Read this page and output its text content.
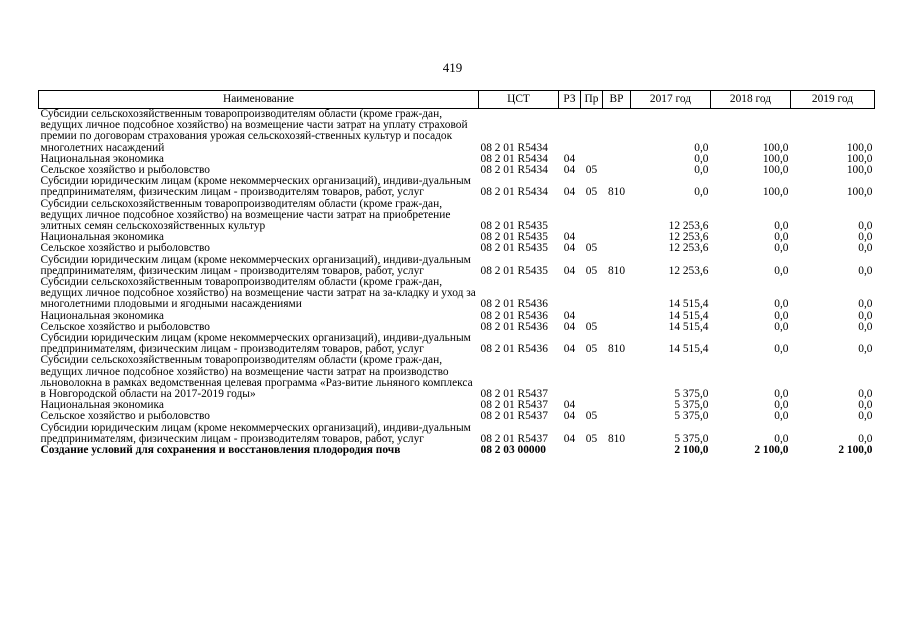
419
Наименование	ЦСТ	РЗ	Пр	ВР	2017 год	2018 год	2019 год
Субсидии сельскохозяйственным товаропроизводителям области (кроме граж-дан, ведущих личное подсобное хозяйство) на возмещение части затрат на уплату страховой премии по договорам страхования урожая сельскохозяй-ственных культур и посадок многолетних насаждений	08 2 01 R5434				0,0	100,0	100,0
Национальная экономика	08 2 01 R5434	04			0,0	100,0	100,0
Сельское хозяйство и рыболовство	08 2 01 R5434	04	05		0,0	100,0	100,0
Субсидии юридическим лицам (кроме некоммерческих организаций), индиви-дуальным предпринимателям, физическим лицам - производителям товаров, работ, услуг	08 2 01 R5434	04	05	810	0,0	100,0	100,0
Субсидии сельскохозяйственным товаропроизводителям области (кроме граж-дан, ведущих личное подсобное хозяйство) на возмещение части затрат на приобретение элитных семян сельскохозяйственных культур	08 2 01 R5435				12 253,6	0,0	0,0
Национальная экономика	08 2 01 R5435	04			12 253,6	0,0	0,0
Сельское хозяйство и рыболовство	08 2 01 R5435	04	05		12 253,6	0,0	0,0
Субсидии юридическим лицам (кроме некоммерческих организаций), индиви-дуальным предпринимателям, физическим лицам - производителям товаров, работ, услуг	08 2 01 R5435	04	05	810	12 253,6	0,0	0,0
Субсидии сельскохозяйственным товаропроизводителям области (кроме граж-дан, ведущих личное подсобное хозяйство) на возмещение части затрат на за-кладку и уход за многолетними плодовыми и ягодными насаждениями	08 2 01 R5436				14 515,4	0,0	0,0
Национальная экономика	08 2 01 R5436	04			14 515,4	0,0	0,0
Сельское хозяйство и рыболовство	08 2 01 R5436	04	05		14 515,4	0,0	0,0
Субсидии юридическим лицам (кроме некоммерческих организаций), индиви-дуальным предпринимателям, физическим лицам - производителям товаров, работ, услуг	08 2 01 R5436	04	05	810	14 515,4	0,0	0,0
Субсидии сельскохозяйственным товаропроизводителям области (кроме граж-дан, ведущих личное подсобное хозяйство) на возмещение части затрат на производство льноволокна в рамках ведомственная целевая программа «Раз-витие льняного комплекса в Новгородской области на 2017-2019 годы»	08 2 01 R5437				5 375,0	0,0	0,0
Национальная экономика	08 2 01 R5437	04			5 375,0	0,0	0,0
Сельское хозяйство и рыболовство	08 2 01 R5437	04	05		5 375,0	0,0	0,0
Субсидии юридическим лицам (кроме некоммерческих организаций), индиви-дуальным предпринимателям, физическим лицам - производителям товаров, работ, услуг	08 2 01 R5437	04	05	810	5 375,0	0,0	0,0
Создание условий для сохранения и восстановления плодородия почв	08 2 03 00000				2 100,0	2 100,0	2 100,0
